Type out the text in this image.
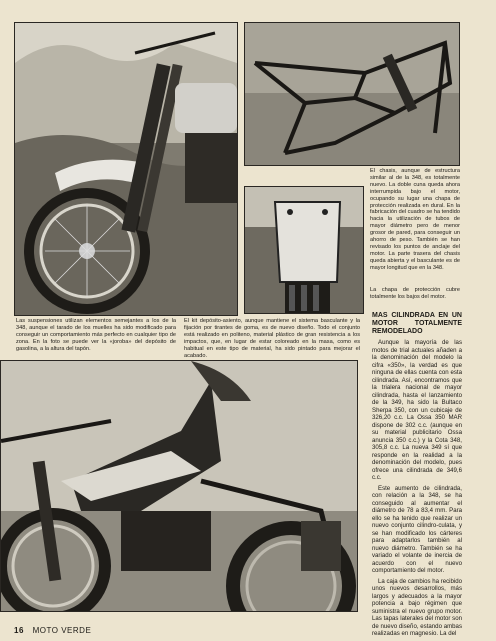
El chasis, aunque de estructura similar al de la 348, es totalmente nuevo. La doble cuna queda ahora interrumpida bajo el motor, ocupando su lugar una chapa de protección realizada en dural. En la fabricación del cuadro se ha tendido hacia la utilización de tubos de mayor diámetro pero de menor grosor de pared, para conseguir un ahorro de peso. También se han revisado los puntos de anclaje del motor. La parte trasera del chasis queda abierta y el basculante es de mayor longitud que en la 348.
La chapa de protección cubre totalmente los bajos del motor.
Las suspensiones utilizan elementos semejantes a los de la 348, aunque el tarado de los muelles ha sido modificado para conseguir un comportamiento más perfecto en cualquier tipo de zona. En la foto se puede ver la «joroba» del depósito de gasolina, a la altura del tapón.
El kit depósito-asiento, aunque mantiene el sistema basculante y la fijación por tirantes de goma, es de nuevo diseño. Todo el conjunto está realizado en politeno, material plástico de gran resistencia a los impactos, que, en lugar de estar coloreado en la masa, como es habitual en este tipo de material, ha sido pintado para mejorar el acabado.
MAS CILINDRADA EN UN MOTOR TOTALMENTE REMODELADO

Aunque la mayoría de las motos de trial actuales añaden a la denominación del modelo la cifra «350», la verdad es que ninguna de ellas cuenta con esta cilindrada. Así, encontramos que la trialera nacional de mayor cilindrada, hasta el lanzamiento de la 349, ha sido la Bultaco Sherpa 350, con un cubicaje de 326,20 c.c. La Ossa 350 MAR dispone de 302 c.c. (aunque en su material publicitario Ossa anuncia 350 c.c.) y la Cota 348, 305,8 c.c. La nueva 349 sí que responde en la realidad a la denominación del modelo, pues ofrece una cilindrada de 349,6 c.c.

Este aumento de cilindrada, con relación a la 348, se ha conseguido al aumentar el diámetro de 78 a 83,4 mm. Para ello se ha tenido que realizar un nuevo conjunto cilindro-culata, y se han modificado los cárteres para adaptarlos también al nuevo diámetro. También se ha variado el volante de inercia de acuerdo con el nuevo comportamiento del motor.

La caja de cambios ha recibido unos nuevos desarrollos, más largos y adecuados a la mayor potencia a bajo régimen que suministra el nuevo grupo motor. Las tapas laterales del motor son de nuevo diseño, estando ambas realizadas en magnesio. La del

16 MOTO VERDE
